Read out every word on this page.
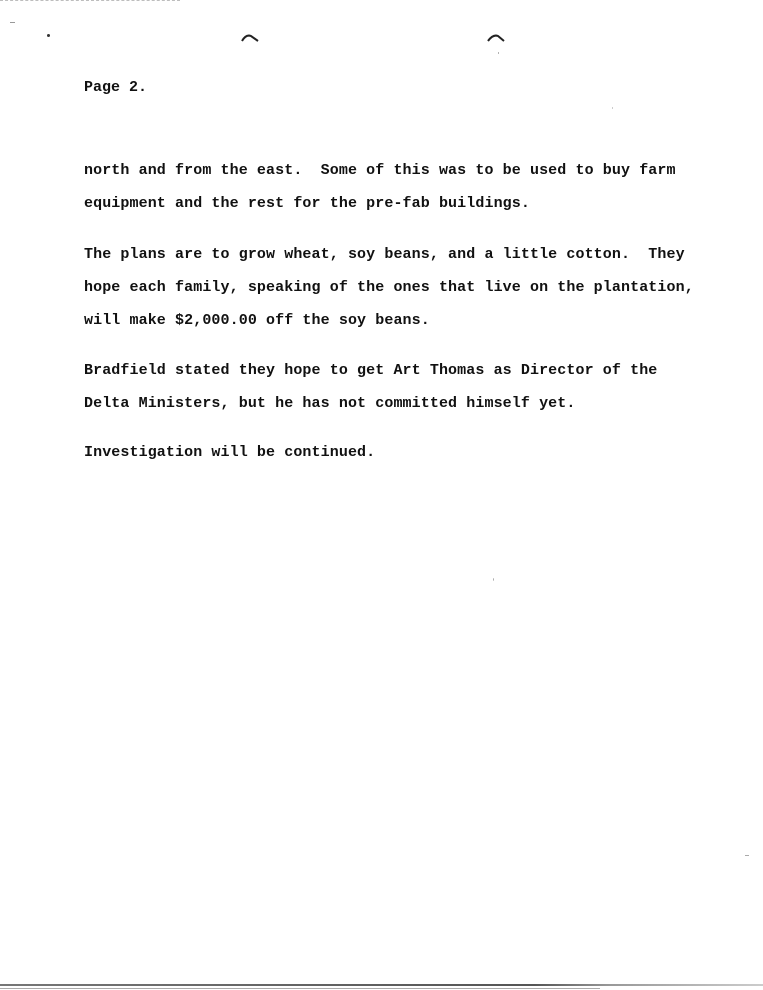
Page 2.
north and from the east.  Some of this was to be used to buy farm
equipment and the rest for the pre-fab buildings.
The plans are to grow wheat, soy beans, and a little cotton.  They
hope each family, speaking of the ones that live on the plantation,
will make $2,000.00 off the soy beans.
Bradfield stated they hope to get Art Thomas as Director of the
Delta Ministers, but he has not committed himself yet.
Investigation will be continued.
